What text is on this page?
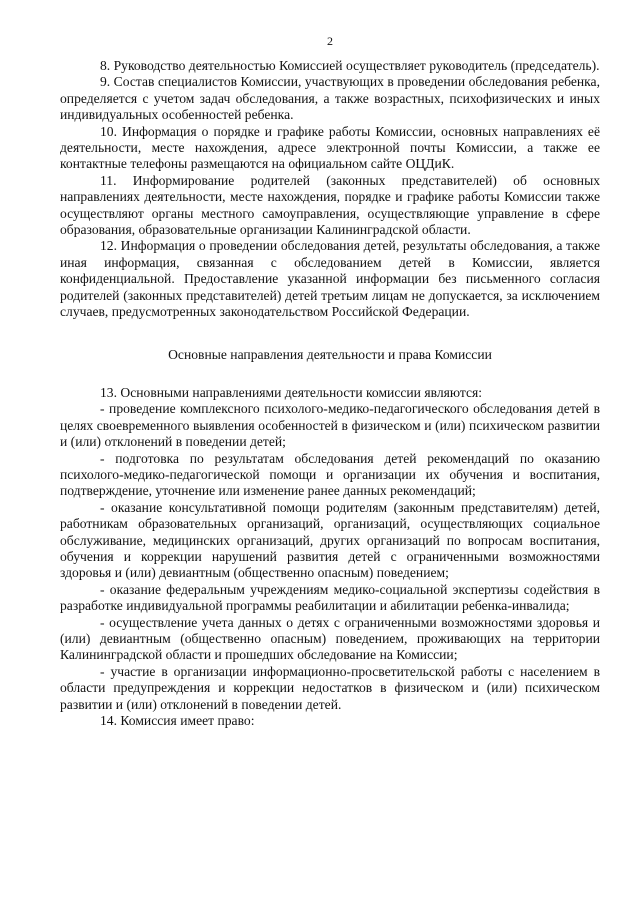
2

8. Руководство деятельностью Комиссией осуществляет руководитель (председатель).

9. Состав специалистов Комиссии, участвующих в проведении обследования ребенка, определяется с учетом задач обследования, а также возрастных, психофизических и иных индивидуальных особенностей ребенка.

10. Информация о порядке и графике работы Комиссии, основных направлениях её деятельности, месте нахождения, адресе электронной почты Комиссии, а также ее контактные телефоны размещаются на официальном сайте ОЦДиК.

11. Информирование родителей (законных представителей) об основных направлениях деятельности, месте нахождения, порядке и графике работы Комиссии также осуществляют органы местного самоуправления, осуществляющие управление в сфере образования, образовательные организации Калининградской области.

12. Информация о проведении обследования детей, результаты обследования, а также иная информация, связанная с обследованием детей в Комиссии, является конфиденциальной. Предоставление указанной информации без письменного согласия родителей (законных представителей) детей третьим лицам не допускается, за исключением случаев, предусмотренных законодательством Российской Федерации.

Основные направления деятельности и права Комиссии

13. Основными направлениями деятельности комиссии являются:

- проведение комплексного психолого-медико-педагогического обследования детей в целях своевременного выявления особенностей в физическом и (или) психическом развитии и (или) отклонений в поведении детей;

- подготовка по результатам обследования детей рекомендаций по оказанию психолого-медико-педагогической помощи и организации их обучения и воспитания, подтверждение, уточнение или изменение ранее данных рекомендаций;

- оказание консультативной помощи родителям (законным представителям) детей, работникам образовательных организаций, организаций, осуществляющих социальное обслуживание, медицинских организаций, других организаций по вопросам воспитания, обучения и коррекции нарушений развития детей с ограниченными возможностями здоровья и (или) девиантным (общественно опасным) поведением;

- оказание федеральным учреждениям медико-социальной экспертизы содействия в разработке индивидуальной программы реабилитации и абилитации ребенка-инвалида;

- осуществление учета данных о детях с ограниченными возможностями здоровья и (или) девиантным (общественно опасным) поведением, проживающих на территории Калининградской области и прошедших обследование на Комиссии;

- участие в организации информационно-просветительской работы с населением в области предупреждения и коррекции недостатков в физическом и (или) психическом развитии и (или) отклонений в поведении детей.

14. Комиссия имеет право:
